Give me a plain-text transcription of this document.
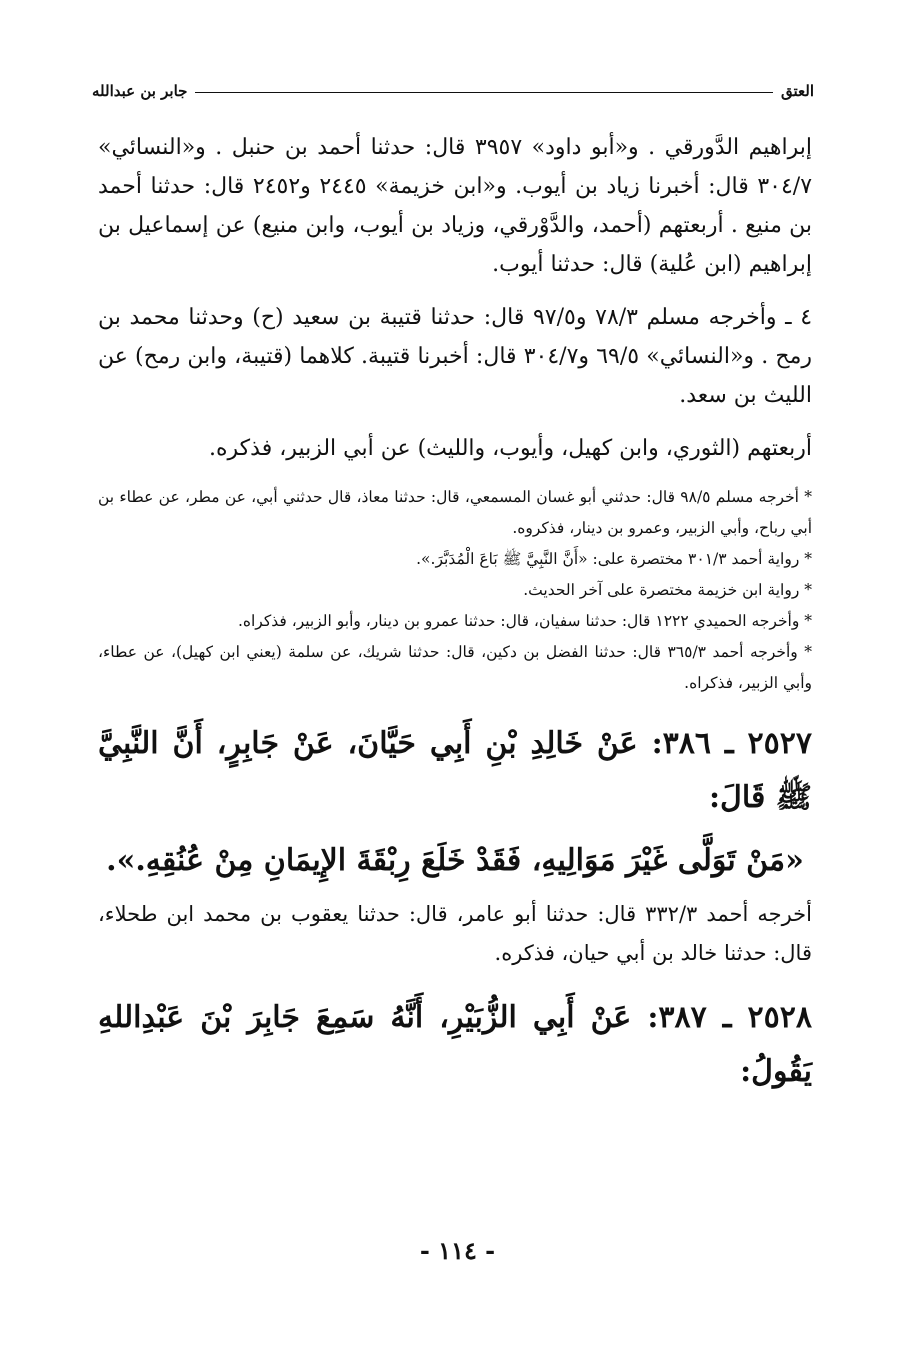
العتق
جابر بن عبدالله

إبراهيم الدَّورقي . و«أبو داود» ٣٩٥٧ قال: حدثنا أحمد بن حنبل . و«النسائي» ٣٠٤/٧ قال: أخبرنا زياد بن أيوب. و«ابن خزيمة» ٢٤٤٥ و٢٤٥٢ قال: حدثنا أحمد بن منيع . أربعتهم (أحمد، والدَّوْرقي، وزياد بن أيوب، وابن منيع) عن إسماعيل بن إبراهيم (ابن عُلية) قال: حدثنا أيوب.

٤ ـ وأخرجه مسلم ٧٨/٣ و٩٧/٥ قال: حدثنا قتيبة بن سعيد (ح) وحدثنا محمد بن رمح . و«النسائي» ٦٩/٥ و٣٠٤/٧ قال: أخبرنا قتيبة. كلاهما (قتيبة، وابن رمح) عن الليث بن سعد.

أربعتهم (الثوري، وابن كهيل، وأيوب، والليث) عن أبي الزبير، فذكره.

* أخرجه مسلم ٩٨/٥ قال: حدثني أبو غسان المسمعي، قال: حدثنا معاذ، قال حدثني أبي، عن مطر، عن عطاء بن أبي رباح، وأبي الزبير، وعمرو بن دينار، فذكروه.

* رواية أحمد ٣٠١/٣ مختصرة على: «أَنَّ النَّبِيَّ ﷺ بَاعَ الْمُدَبَّرَ.».

* رواية ابن خزيمة مختصرة على آخر الحديث.

* وأخرجه الحميدي ١٢٢٢ قال: حدثنا سفيان، قال: حدثنا عمرو بن دينار، وأبو الزبير، فذكراه.

* وأخرجه أحمد ٣٦٥/٣ قال: حدثنا الفضل بن دكين، قال: حدثنا شريك، عن سلمة (يعني ابن كهيل)، عن عطاء، وأبي الزبير، فذكراه.

٢٥٢٧ ـ ٣٨٦: عَنْ خَالِدِ بْنِ أَبِي حَيَّانَ، عَنْ جَابِرٍ، أَنَّ النَّبِيَّ ﷺ قَالَ:

«مَنْ تَوَلَّى غَيْرَ مَوَالِيهِ، فَقَدْ خَلَعَ رِبْقَةَ الإِيمَانِ مِنْ عُنُقِهِ.».

أخرجه أحمد ٣٣٢/٣ قال: حدثنا أبو عامر، قال: حدثنا يعقوب بن محمد ابن طحلاء، قال: حدثنا خالد بن أبي حيان، فذكره.

٢٥٢٨ ـ ٣٨٧: عَنْ أَبِي الزُّبَيْرِ، أَنَّهُ سَمِعَ جَابِرَ بْنَ عَبْدِاللهِ يَقُولُ:

- ١١٤ -
